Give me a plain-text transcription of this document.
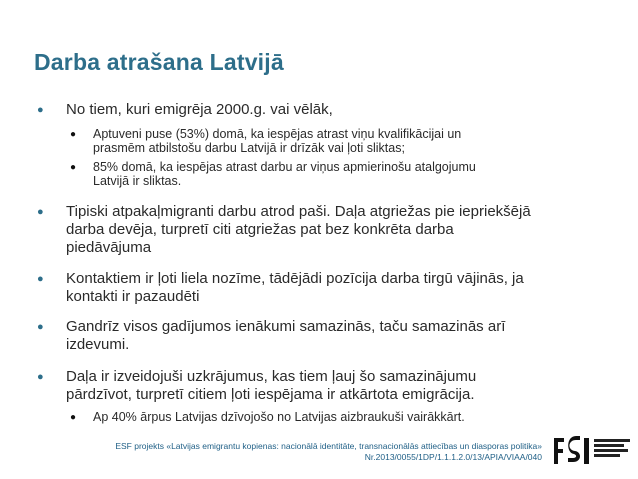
Darba atrašana Latvijā
● No tiem, kuri emigrēja 2000.g. vai vēlāk,

● Aptuveni puse (53%) domā, ka iespējas atrast viņu kvalifikācijai un

prasmēm atbilstošu darbu Latvijā ir drīzāk vai ļoti sliktas;

● 85% domā, ka iespējas atrast darbu ar viņus apmierinošu atalgojumu

Latvijā ir sliktas.

● Tipiski atpakaļmigranti darbu atrod paši. Daļa atgriežas pie iepriekšējā

darba devēja, turpretī citi atgriežas pat bez konkrēta darba

piedāvājuma

● Kontaktiem ir ļoti liela nozīme, tādējādi pozīcija darba tirgū vājinās, ja

kontakti ir pazaudēti

● Gandrīz visos gadījumos ienākumi samazinās, taču samazinās arī

izdevumi.

● Daļa ir izveidojuši uzkrājumus, kas tiem ļauj šo samazinājumu

pārdzīvot, turpretī citiem ļoti iespējama ir atkārtota emigrācija.

● Ap 40% ārpus Latvijas dzīvojošo no Latvijas aizbraukuši vairākkārt.

ESF projekts «Latvijas emigrantu kopienas: nacionālā identitāte, transnacionālās attiecības un diasporas politika»
Nr.2013/0055/1DP/1.1.1.2.0/13/APIA/VIAA/040
